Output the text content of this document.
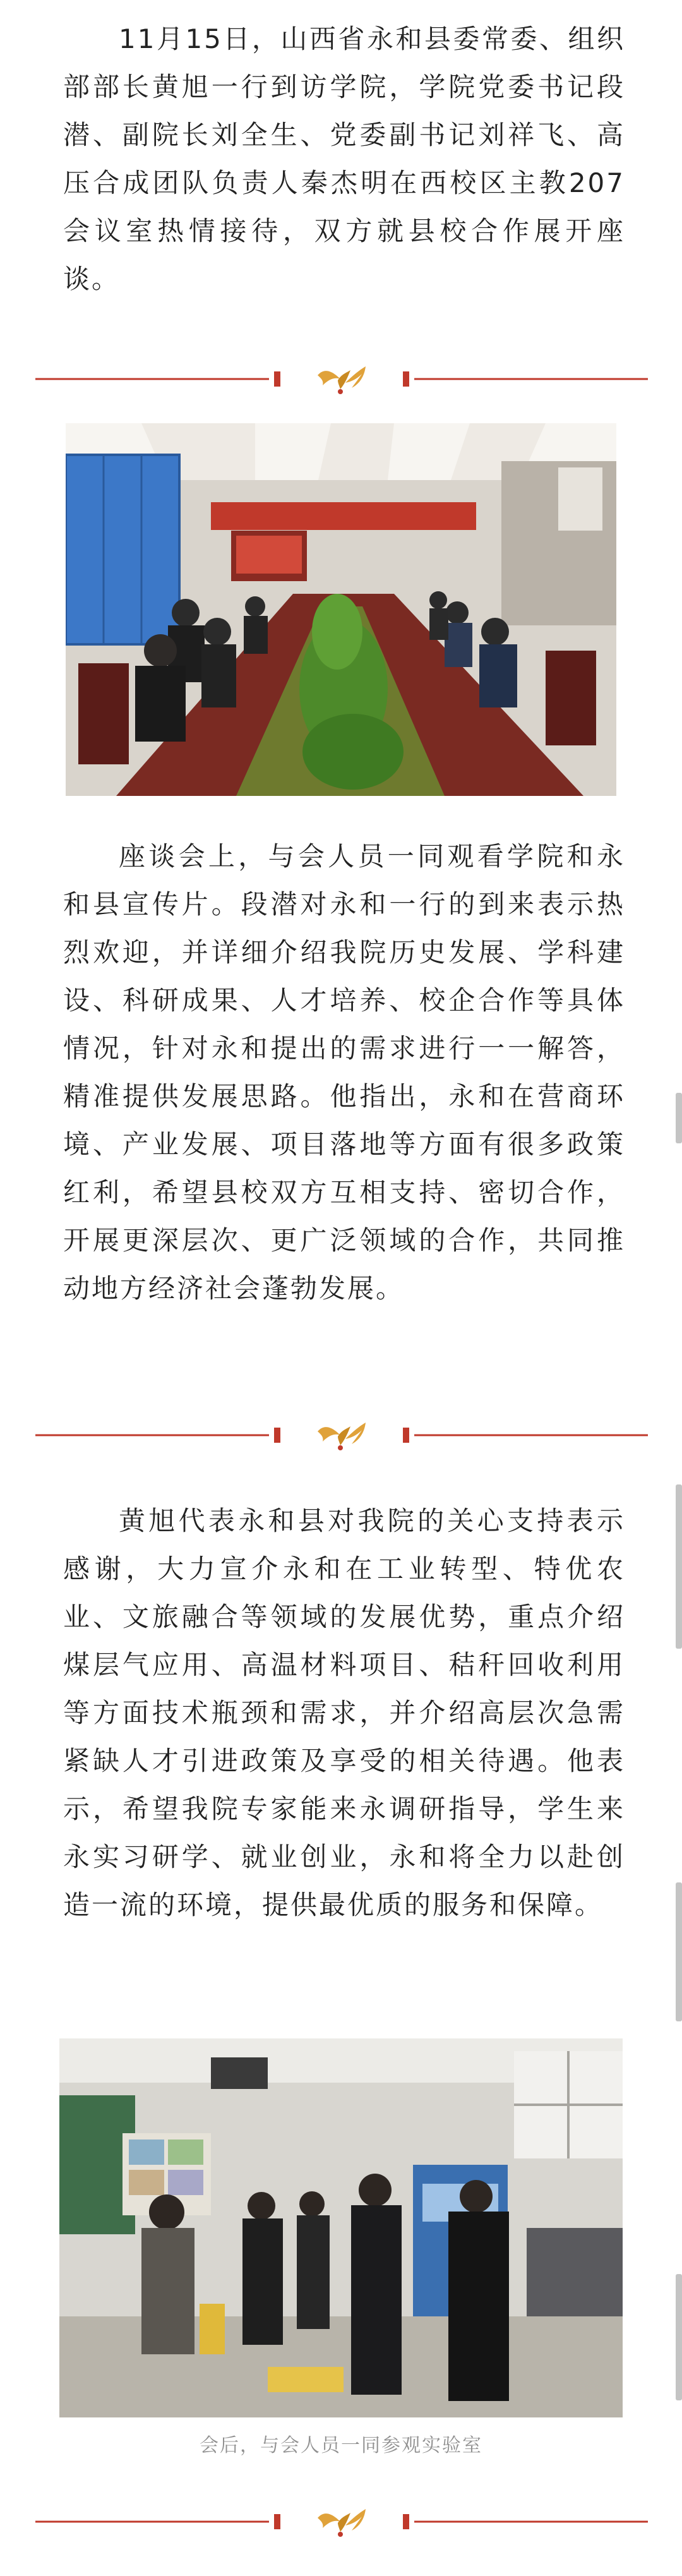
11月15日，山西省永和县委常委、组织部部长黄旭一行到访学院，学院党委书记段潜、副院长刘全生、党委副书记刘祥飞、高压合成团队负责人秦杰明在西校区主教207会议室热情接待，双方就县校合作展开座谈。

座谈会上，与会人员一同观看学院和永和县宣传片。段潜对永和一行的到来表示热烈欢迎，并详细介绍我院历史发展、学科建设、科研成果、人才培养、校企合作等具体情况，针对永和提出的需求进行一一解答，精准提供发展思路。他指出，永和在营商环境、产业发展、项目落地等方面有很多政策红利，希望县校双方互相支持、密切合作，开展更深层次、更广泛领域的合作，共同推动地方经济社会蓬勃发展。

黄旭代表永和县对我院的关心支持表示感谢，大力宣介永和在工业转型、特优农业、文旅融合等领域的发展优势，重点介绍煤层气应用、高温材料项目、秸秆回收利用等方面技术瓶颈和需求，并介绍高层次急需紧缺人才引进政策及享受的相关待遇。他表示，希望我院专家能来永调研指导，学生来永实习研学、就业创业，永和将全力以赴创造一流的环境，提供最优质的服务和保障。

会后，与会人员一同参观实验室
